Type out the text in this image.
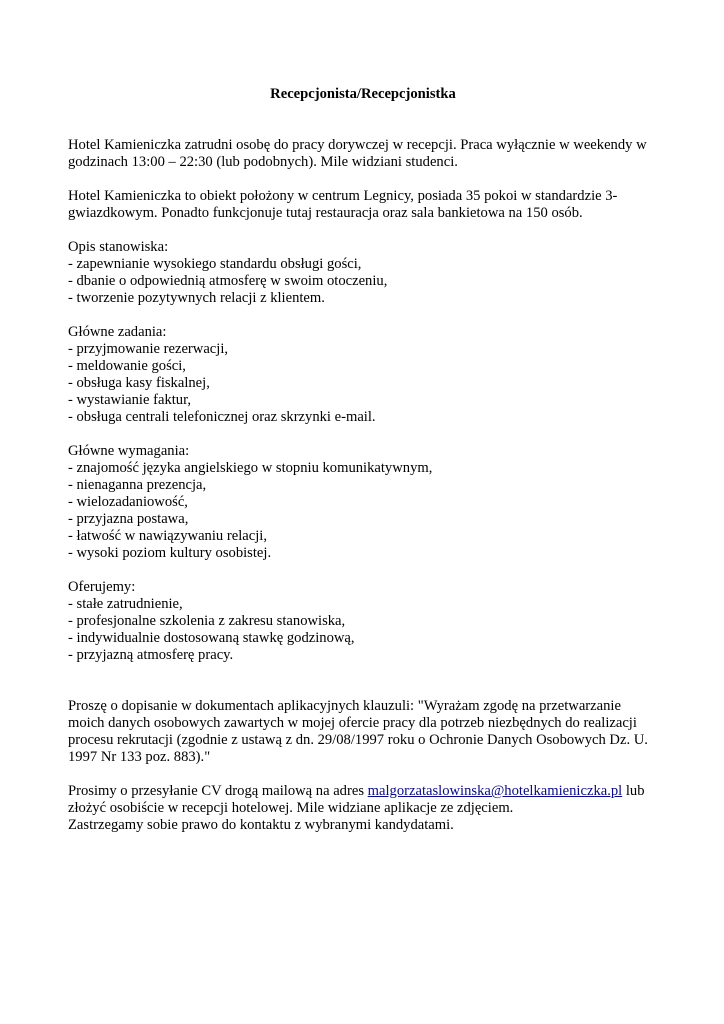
Recepcjonista/Recepcjonistka

Hotel Kamieniczka zatrudni osobę do pracy dorywczej w recepcji. Praca wyłącznie w weekendy w godzinach 13:00 – 22:30 (lub podobnych). Mile widziani studenci.

Hotel Kamieniczka to obiekt położony w centrum Legnicy, posiada 35 pokoi w standardzie 3-gwiazdkowym. Ponadto funkcjonuje tutaj restauracja oraz sala bankietowa na 150 osób.

Opis stanowiska:
- zapewnianie wysokiego standardu obsługi gości,
- dbanie o odpowiednią atmosferę w swoim otoczeniu,
- tworzenie pozytywnych relacji z klientem.
Główne zadania:
- przyjmowanie rezerwacji,
- meldowanie gości,
- obsługa kasy fiskalnej,
- wystawianie faktur,
- obsługa centrali telefonicznej oraz skrzynki e-mail.
Główne wymagania:
- znajomość języka angielskiego w stopniu komunikatywnym,
- nienaganna prezencja,
- wielozadaniowość,
- przyjazna postawa,
- łatwość w nawiązywaniu relacji,
- wysoki poziom kultury osobistej.
Oferujemy:
- stałe zatrudnienie,
- profesjonalne szkolenia z zakresu stanowiska,
- indywidualnie dostosowaną stawkę godzinową,
- przyjazną atmosferę pracy.

Proszę o dopisanie w dokumentach aplikacyjnych klauzuli: "Wyrażam zgodę na przetwarzanie moich danych osobowych zawartych w mojej ofercie pracy dla potrzeb niezbędnych do realizacji procesu rekrutacji (zgodnie z ustawą z dn. 29/08/1997 roku o Ochronie Danych Osobowych Dz. U. 1997 Nr 133 poz. 883)."

Prosimy o przesyłanie CV drogą mailową na adres malgorzataslowinska@hotelkamieniczka.pl lub złożyć osobiście w recepcji hotelowej. Mile widziane aplikacje ze zdjęciem.

Zastrzegamy sobie prawo do kontaktu z wybranymi kandydatami.
